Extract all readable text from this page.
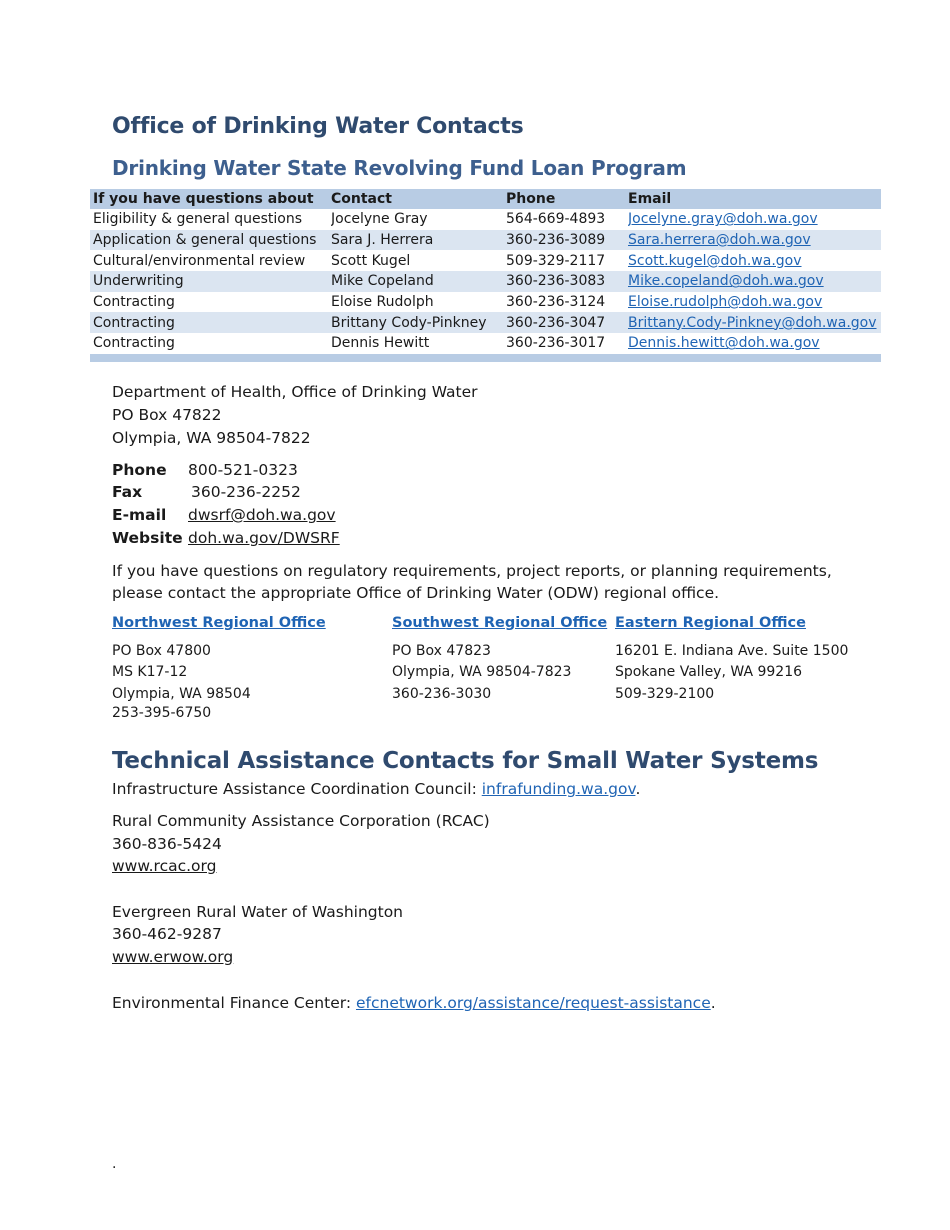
Office of Drinking Water Contacts
Drinking Water State Revolving Fund Loan Program
If you have questions about	Contact	Phone	Email
Eligibility & general questions	Jocelyne Gray	564-669-4893	Jocelyne.gray@doh.wa.gov
Application & general questions	Sara J. Herrera	360-236-3089	Sara.herrera@doh.wa.gov
Cultural/environmental review	Scott Kugel	509-329-2117	Scott.kugel@doh.wa.gov
Underwriting	Mike Copeland	360-236-3083	Mike.copeland@doh.wa.gov
Contracting	Eloise Rudolph	360-236-3124	Eloise.rudolph@doh.wa.gov
Contracting	Brittany Cody-Pinkney	360-236-3047	Brittany.Cody-Pinkney@doh.wa.gov
Contracting	Dennis Hewitt	360-236-3017	Dennis.hewitt@doh.wa.gov
Department of Health, Office of Drinking Water
PO Box 47822
Olympia, WA 98504-7822
Phone 800-521-0323
Fax	360-236-2252
E-mail dwsrf@doh.wa.gov
Website doh.wa.gov/DWSRF
If you have questions on regulatory requirements, project reports, or planning requirements,
please contact the appropriate Office of Drinking Water (ODW) regional office.
Northwest Regional Office
PO Box 47800
MS K17-12
Olympia, WA 98504
253-395-6750
Southwest Regional Office
PO Box 47823
Olympia, WA 98504-7823
360-236-3030
Eastern Regional Office
16201 E. Indiana Ave. Suite 1500
Spokane Valley, WA 99216
509-329-2100
Technical Assistance Contacts for Small Water Systems
Infrastructure Assistance Coordination Council: infrafunding.wa.gov.
Rural Community Assistance Corporation (RCAC)
360-836-5424
www.rcac.org
Evergreen Rural Water of Washington
360-462-9287
www.erwow.org
Environmental Finance Center: efcnetwork.org/assistance/request-assistance.
.
